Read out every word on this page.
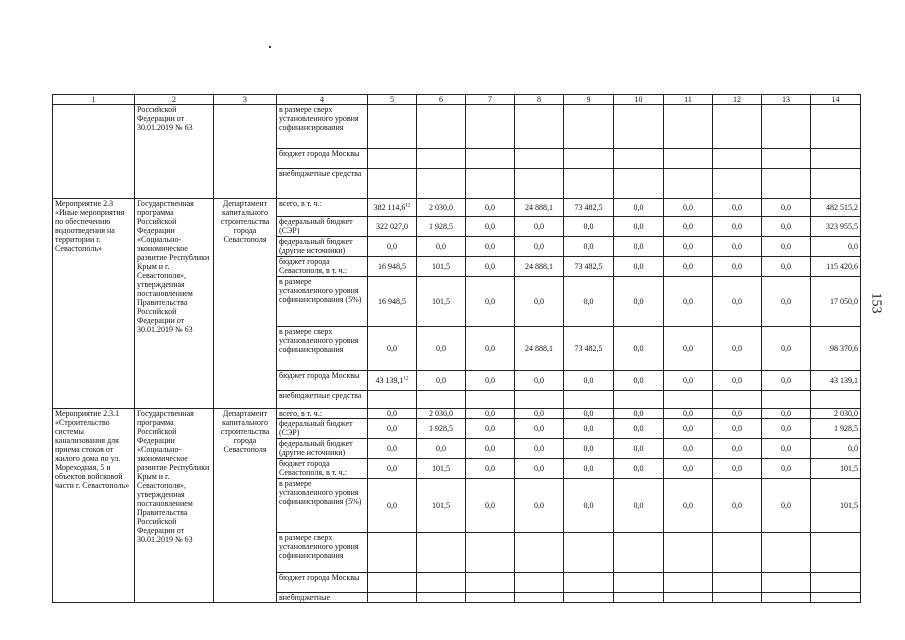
153
1	2	3	4	5	6	7	8	9	10	11	12	13	14
	Российской Федерации от 30.01.2019 № 63		в размере сверх установленного уровня софинансирования										
			бюджет города Москвы										
			внебюджетные средства										
Мероприятие 2.3 «Иные мероприятия по обеспечению водоотведения на территории г. Севастополь»	Государственная программа Российской Федерации «Социально-экономическое развитие Республики Крым и г. Севастополя», утвержденная постановлением Правительства Российской Федерации от 30.01.2019 № 63	Департамент капитального строительства города Севастополя	всего, в т. ч.:	382 114,6$^{12}$	2 030,0	0,0	24 888,1	73 482,5	0,0	0,0	0,0	0,0	482 515,2
			федеральный бюджет (СЭР)	322 027,0	1 928,5	0,0	0,0	0,0	0,0	0,0	0,0	0,0	323 955,5
			федеральный бюджет (другие источники)	0,0	0,0	0,0	0,0	0,0	0,0	0,0	0,0	0,0	0,0
			бюджет города Севастополя, в т. ч.:	16 948,5	101,5	0,0	24 888,1	73 482,5	0,0	0,0	0,0	0,0	115 420,6
			в размере установленного уровня софинансирования (5%)	16 948,5	101,5	0,0	0,0	0,0	0,0	0,0	0,0	0,0	17 050,0
			в размере сверх установленного уровня софинансирования	0,0	0,0	0,0	24 888,1	73 482,5	0,0	0,0	0,0	0,0	98 370,6
			бюджет города Москвы	43 139,1$^{12}$	0,0	0,0	0,0	0,0	0,0	0,0	0,0	0,0	43 139,1
			внебюджетные средства										
Мероприятие 2.3.1 «Строительство системы канализования для приема стоков от жилого дома по ул. Мореходная, 5 и объектов войсковой части г. Севастополь»	Государственная программа Российской Федерации «Социально-экономическое развитие Республики Крым и г. Севастополя», утвержденная постановлением Правительства Российской Федерации от 30.01.2019 № 63	Департамент капитального строительства города Севастополя	всего, в т. ч.:	0,0	2 030,0	0,0	0,0	0,0	0,0	0,0	0,0	0,0	2 030,0
			федеральный бюджет (СЭР)	0,0	1 928,5	0,0	0,0	0,0	0,0	0,0	0,0	0,0	1 928,5
			федеральный бюджет (другие источники)	0,0	0,0	0,0	0,0	0,0	0,0	0,0	0,0	0,0	0,0
			бюджет города Севастополя, в т. ч.:	0,0	101,5	0,0	0,0	0,0	0,0	0,0	0,0	0,0	101,5
			в размере установленного уровня софинансирования (5%)	0,0	101,5	0,0	0,0	0,0	0,0	0,0	0,0	0,0	101,5
			в размере сверх установленного уровня софинансирования										
			бюджет города Москвы										
			внебюджетные										
